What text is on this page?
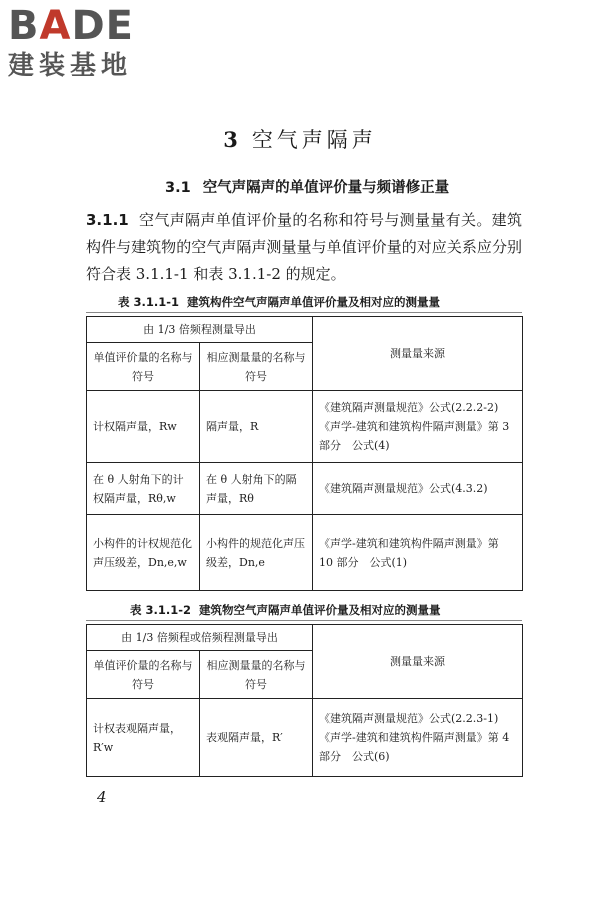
BADE
建装基地
3 空气声隔声
3.1 空气声隔声的单值评价量与频谱修正量
3.1.1 空气声隔声单值评价量的名称和符号与测量量有关。建筑构件与建筑物的空气声隔声测量量与单值评价量的对应关系应分别符合表 3.1.1-1 和表 3.1.1-2 的规定。
表 3.1.1-1 建筑构件空气声隔声单值评价量及相对应的测量量
由 1/3 倍频程测量导出		测量量来源
单值评价量的名称与符号	相应测量量的名称与符号	
计权隔声量，Rw	隔声量，R	《建筑隔声测量规范》公式(2.2.2-2)《声学-建筑和建筑构件隔声测量》第 3 部分　公式(4)
在 θ 人射角下的计权隔声量，Rθ,w	在 θ 人射角下的隔声量，Rθ	《建筑隔声测量规范》公式(4.3.2)
小构件的计权规范化声压级差，Dn,e,w	小构件的规范化声压级差，Dn,e	《声学-建筑和建筑构件隔声测量》第 10 部分　公式(1)
表 3.1.1-2 建筑物空气声隔声单值评价量及相对应的测量量
由 1/3 倍频程或倍频程测量导出		测量量来源
单值评价量的名称与符号	相应测量量的名称与符号	
计权表观隔声量，R′w	表观隔声量，R′	《建筑隔声测量规范》公式(2.2.3-1)《声学-建筑和建筑构件隔声测量》第 4 部分　公式(6)
4
